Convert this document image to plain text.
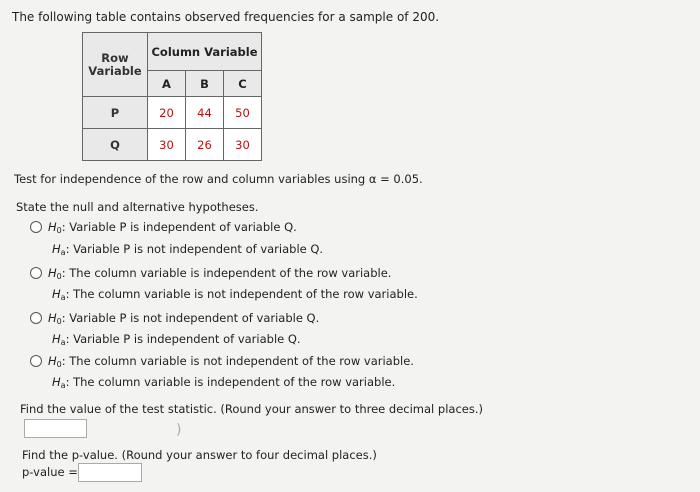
The following table contains observed frequencies for a sample of 200.
Row
Variable	Column Variable		
	A	B	C
P	20	44	50
Q	30	26	30
Test for independence of the row and column variables using α = 0.05.
State the null and alternative hypotheses.
$H_0$: Variable P is independent of variable Q.
$H_a$: Variable P is not independent of variable Q.
$H_0$: The column variable is independent of the row variable.
$H_a$: The column variable is not independent of the row variable.
$H_0$: Variable P is not independent of variable Q.
$H_a$: Variable P is independent of variable Q.
$H_0$: The column variable is not independent of the row variable.
$H_a$: The column variable is independent of the row variable.
Find the value of the test statistic. (Round your answer to three decimal places.)
)
Find the p-value. (Round your answer to four decimal places.)
p-value =
